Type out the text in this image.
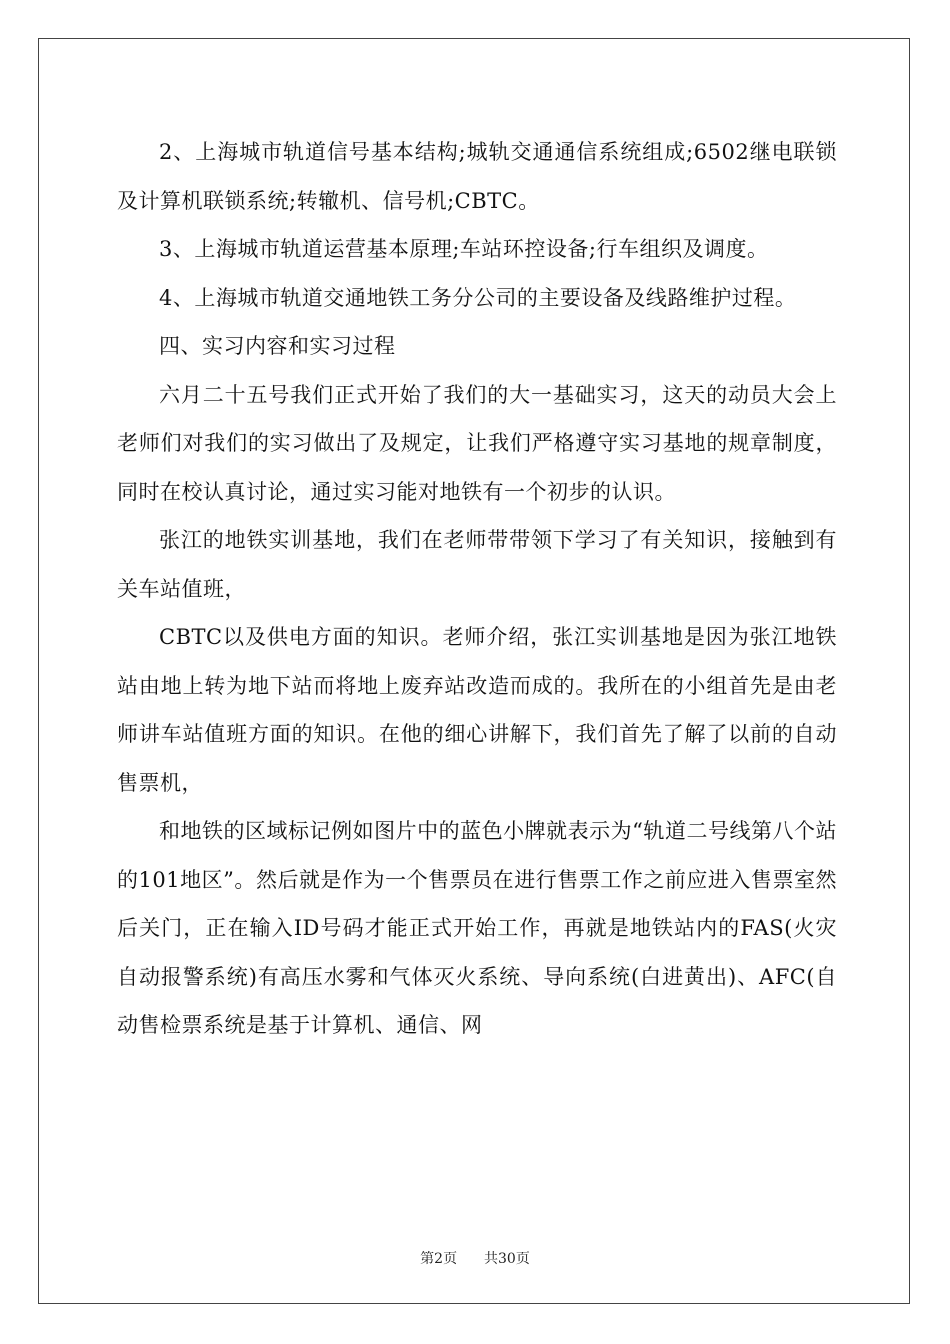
2、上海城市轨道信号基本结构;城轨交通通信系统组成;6502继电联锁及计算机联锁系统;转辙机、信号机;CBTC。

3、上海城市轨道运营基本原理;车站环控设备;行车组织及调度。

4、上海城市轨道交通地铁工务分公司的主要设备及线路维护过程。

四、实习内容和实习过程

六月二十五号我们正式开始了我们的大一基础实习，这天的动员大会上老师们对我们的实习做出了及规定，让我们严格遵守实习基地的规章制度，同时在校认真讨论，通过实习能对地铁有一个初步的认识。

张江的地铁实训基地，我们在老师带带领下学习了有关知识，接触到有关车站值班，

CBTC以及供电方面的知识。老师介绍，张江实训基地是因为张江地铁站由地上转为地下站而将地上废弃站改造而成的。我所在的小组首先是由老师讲车站值班方面的知识。在他的细心讲解下，我们首先了解了以前的自动售票机，

和地铁的区域标记例如图片中的蓝色小牌就表示为“轨道二号线第八个站的101地区”。然后就是作为一个售票员在进行售票工作之前应进入售票室然后关门，正在输入ID号码才能正式开始工作，再就是地铁站内的FAS(火灾自动报警系统)有高压水雾和气体灭火系统、导向系统(白进黄出)、AFC(自动售检票系统是基于计算机、通信、网

第2页 共30页
